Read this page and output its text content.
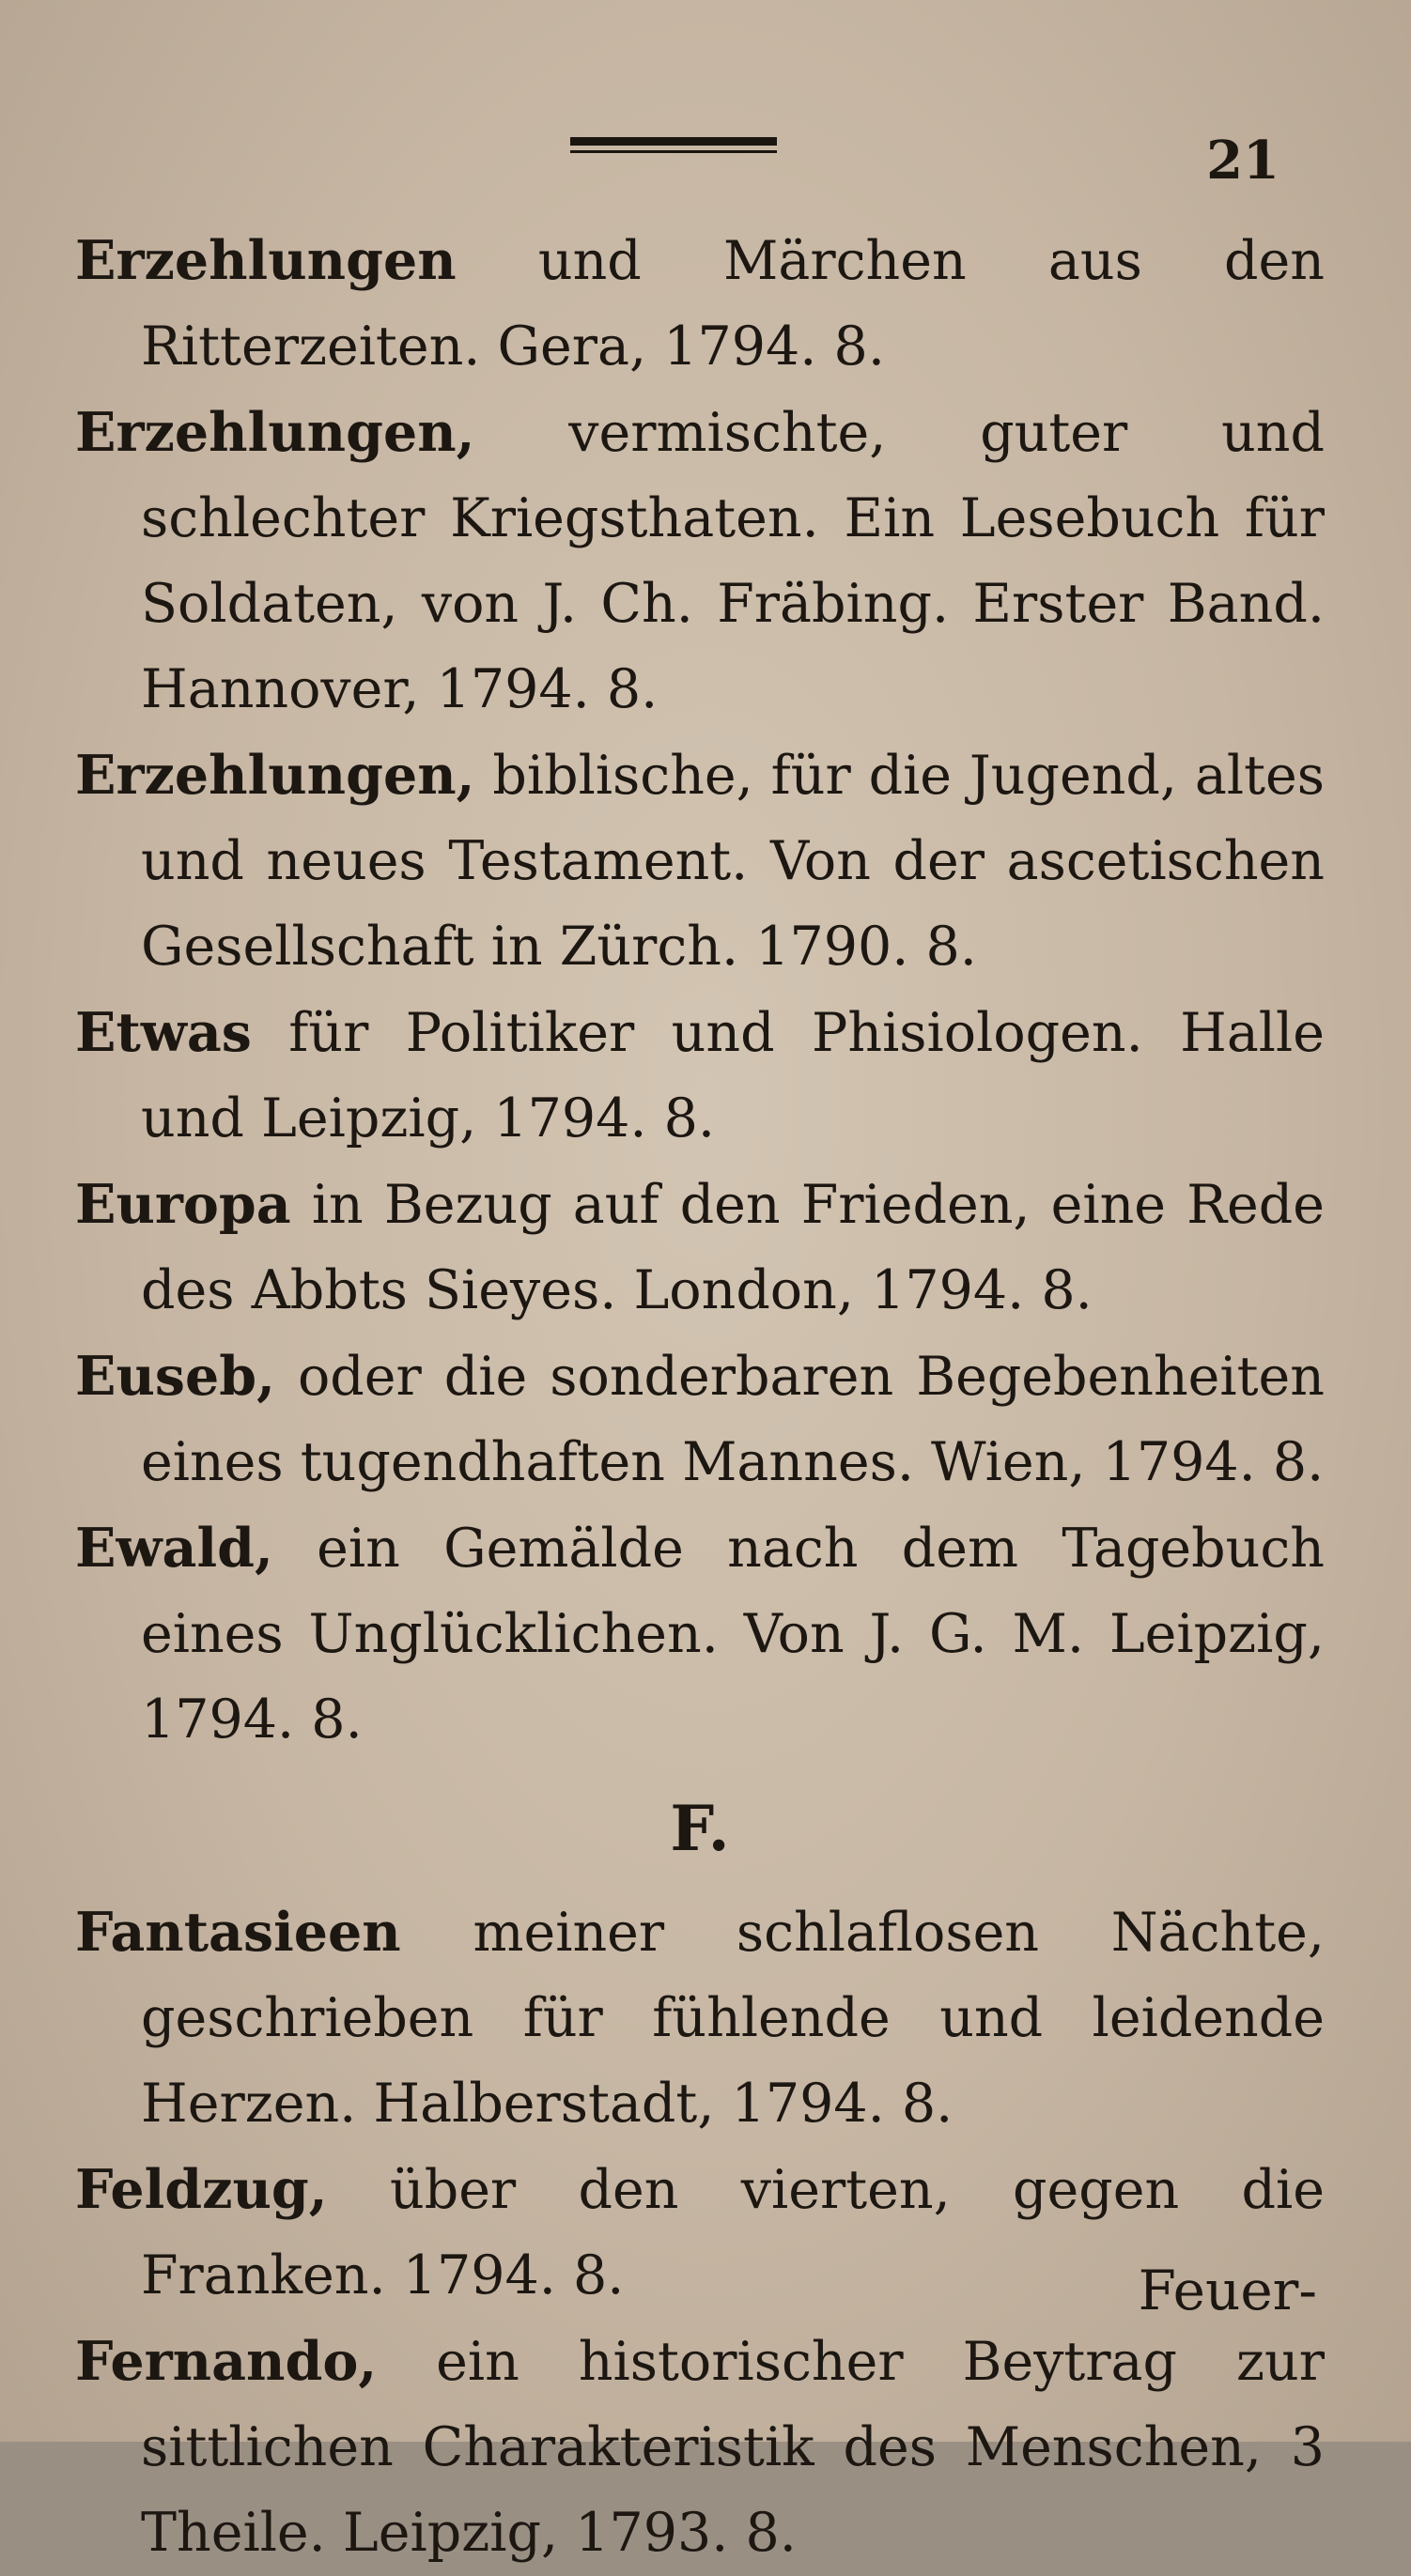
21
Erzehlungen und Märchen aus den Ritterzeiten. Gera, 1794. 8.
Erzehlungen, vermischte, guter und schlechter Kriegsthaten. Ein Lesebuch für Soldaten, von J. Ch. Fräbing. Erster Band. Hannover, 1794. 8.
Erzehlungen, biblische, für die Jugend, altes und neues Testament. Von der ascetischen Gesellschaft in Zürch. 1790. 8.
Etwas für Politiker und Phisiologen. Halle und Leipzig, 1794. 8.
Europa in Bezug auf den Frieden, eine Rede des Abbts Sieyes. London, 1794. 8.
Euseb, oder die sonderbaren Begebenheiten eines tugendhaften Mannes. Wien, 1794. 8.
Ewald, ein Gemälde nach dem Tagebuch eines Unglücklichen. Von J. G. M. Leipzig, 1794. 8.
F.
Fantasieen meiner schlaflosen Nächte, geschrieben für fühlende und leidende Herzen. Halberstadt, 1794. 8.
Feldzug, über den vierten, gegen die Franken. 1794. 8.
Fernando, ein historischer Beytrag zur sittlichen Charakteristik des Menschen, 3 Theile. Leipzig, 1793. 8.
Feuer-
